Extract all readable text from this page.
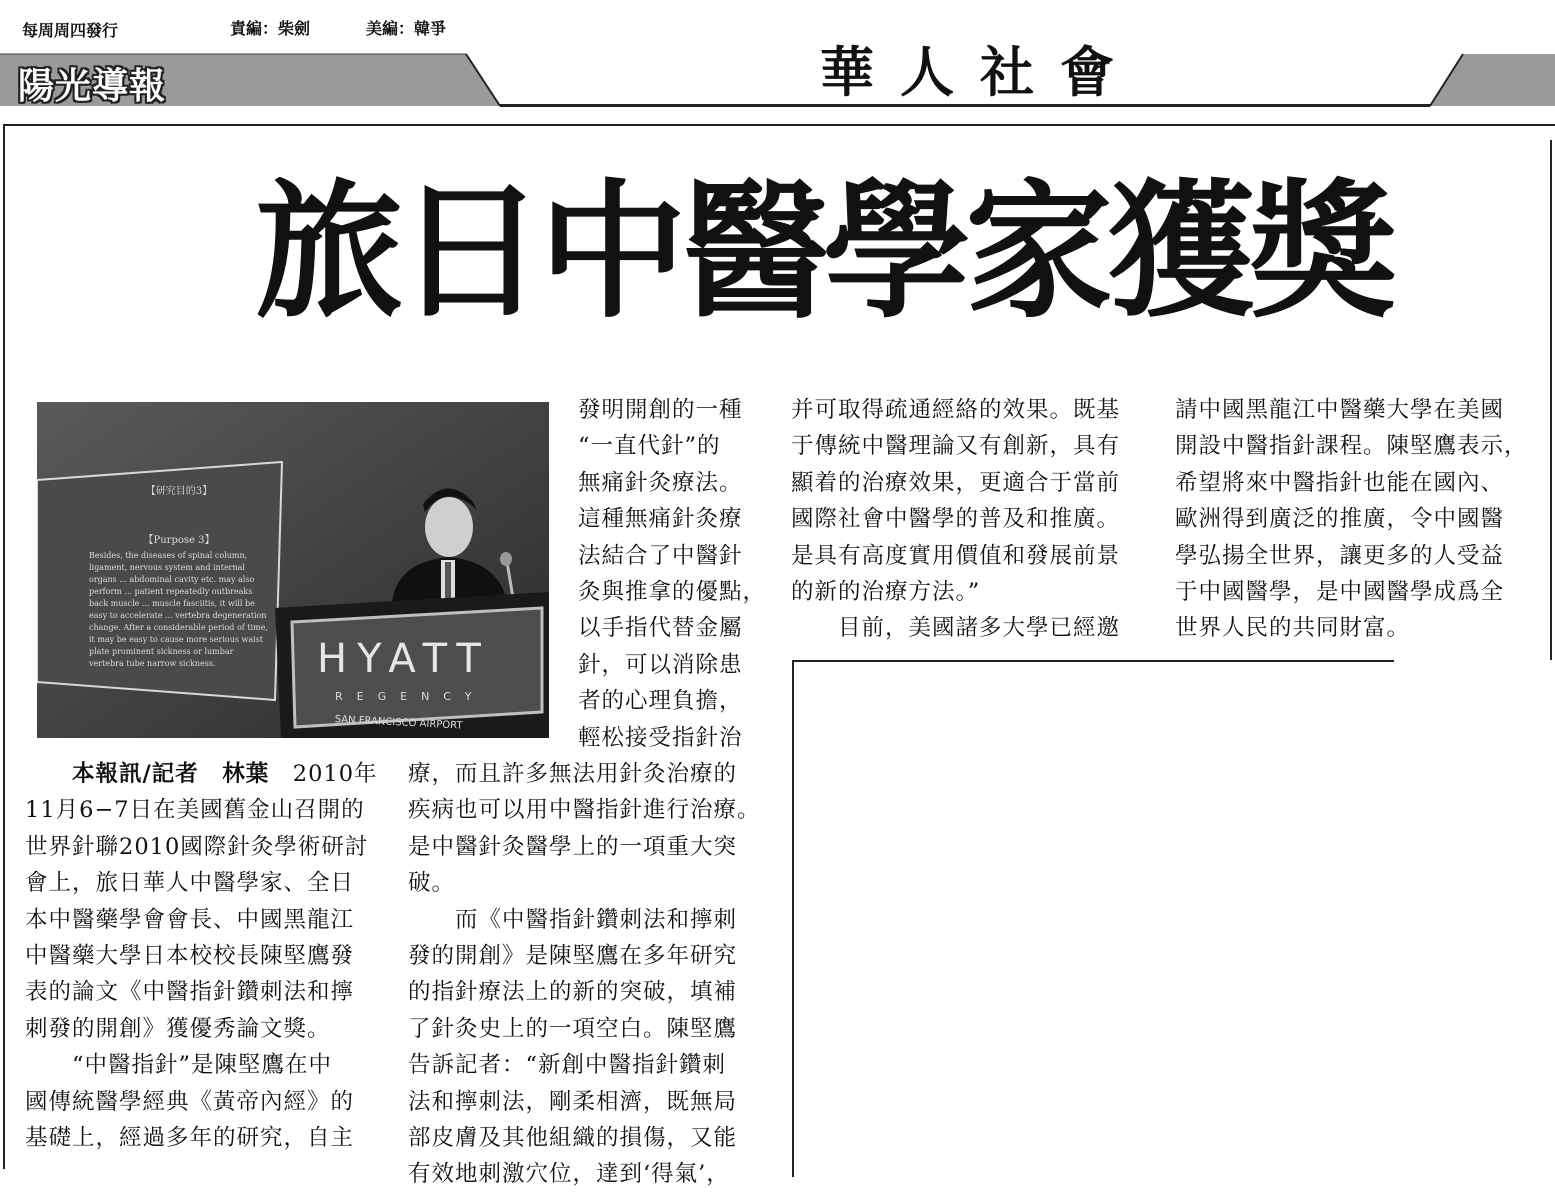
每周周四發行	責編：柴劍	美編：韓爭
陽光導報	華人社會
旅日中醫學家獲獎
【研究目的3】
【Purpose 3】
Besides, the diseases of spinal column, ligament, nervous system and internal organs ... abdominal cavity etc. may also perform ... patient repeatedly outbreaks back muscle ... muscle fasciitis, it will be easy to accelerate ... vertebra degeneration change. After a considerable period of time, it may be easy to cause more serious waist plate prominent sickness or lumbar vertebra tube narrow sickness.	HYATT
REGENCY
SAN FRANCISCO AIRPORT

　　本報訊/記者　林葉　 2010年

11月6−7日在美國舊金山召開的

世界針聯2010國際針灸學術研討

會上，旅日華人中醫學家、全日

本中醫藥學會會長、中國黑龍江

中醫藥大學日本校校長陳堅鷹發

表的論文《中醫指針鑽刺法和擰

刺發的開創》獲優秀論文獎。

　　“中醫指針”是陳堅鷹在中

國傳統醫學經典《黃帝內經》的

基礎上，經過多年的研究，自主

發明開創的一種

“一直代針”的

無痛針灸療法。

這種無痛針灸療

法結合了中醫針

灸與推拿的優點，

以手指代替金屬

針，可以消除患

者的心理負擔，

輕松接受指針治

療，而且許多無法用針灸治療的

疾病也可以用中醫指針進行治療。

是中醫針灸醫學上的一項重大突破。

　　而《中醫指針鑽刺法和擰刺

發的開創》是陳堅鷹在多年研究

的指針療法上的新的突破，填補

了針灸史上的一項空白。陳堅鷹

告訴記者：“新創中醫指針鑽刺

法和擰刺法，剛柔相濟，既無局

部皮膚及其他組織的損傷，又能

有效地刺激穴位，達到‘得氣’，

并可取得疏通經絡的效果。既基

于傳統中醫理論又有創新，具有

顯着的治療效果，更適合于當前

國際社會中醫學的普及和推廣。

是具有高度實用價值和發展前景

的新的治療方法。”

　　目前，美國諸多大學已經邀

請中國黑龍江中醫藥大學在美國

開設中醫指針課程。陳堅鷹表示，

希望將來中醫指針也能在國內、

歐洲得到廣泛的推廣，令中國醫

學弘揚全世界，讓更多的人受益

于中國醫學，是中國醫學成爲全

世界人民的共同財富。
